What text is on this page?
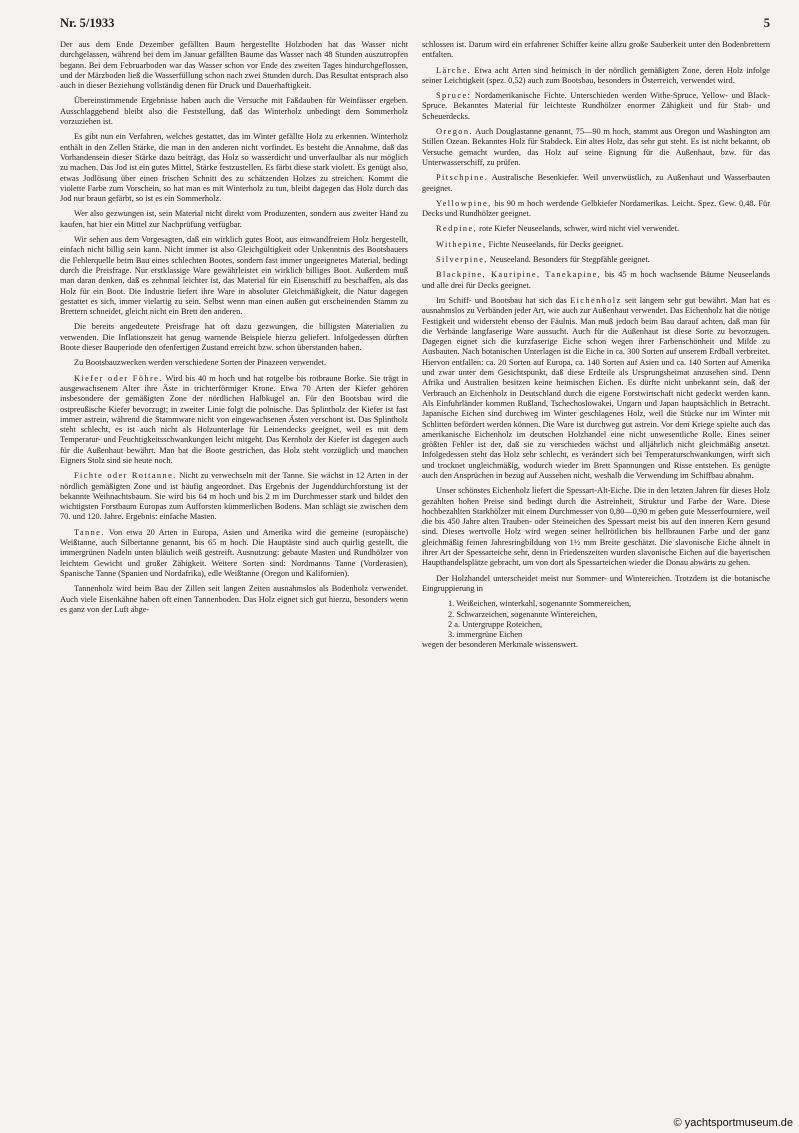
Nr. 5/1933	5

Der aus dem Ende Dezember gefällten Baum hergestellte Holzboden hat das Wasser nicht durchgelassen, während bei dem im Januar gefällten Baume das Wasser nach 48 Stunden auszutropfen begann. Bei dem Februarboden war das Wasser schon vor Ende des zweiten Tages hindurchgeflossen, und der Märzboden ließ die Wasserfüllung schon nach zwei Stunden durch. Das Resultat entsprach also auch in dieser Beziehung vollständig denen für Druck und Dauerhaftigkeit.

Übereinstimmende Ergebnisse haben auch die Versuche mit Faßdauben für Weinfässer ergeben. Ausschlaggebend bleibt also die Feststellung, daß das Winterholz unbedingt dem Sommerholz vorzuziehen ist.

Es gibt nun ein Verfahren, welches gestattet, das im Winter gefällte Holz zu erkennen. Winterholz enthält in den Zellen Stärke, die man in den anderen nicht vorfindet. Es besteht die Annahme, daß das Vorhandensein dieser Stärke dazu beiträgt, das Holz so wasserdicht und unverfaulbar als nur möglich zu machen. Das Jod ist ein gutes Mittel, Stärke festzustellen. Es färbt diese stark violett. Es genügt also, etwas Jodlösung über einen frischen Schnitt des zu schätzenden Holzes zu streichen. Kommt die violette Farbe zum Vorschein, so hat man es mit Winterholz zu tun, bleibt dagegen das Holz durch das Jod nur braun gefärbt, so ist es ein Sommerholz.

Wer also gezwungen ist, sein Material nicht direkt vom Produzenten, sondern aus zweiter Hand zu kaufen, hat hier ein Mittel zur Nachprüfung verfügbar.

Wir sehen aus dem Vorgesagten, daß ein wirklich gutes Boot, aus einwandfreiem Holz hergestellt, einfach nicht billig sein kann. Nicht immer ist also Gleichgültigkeit oder Unkenntnis des Bootsbauers die Fehlerquelle beim Bau eines schlechten Bootes, sondern fast immer ungeeignetes Material, bedingt durch die Preisfrage. Nur erstklassige Ware gewährleistet ein wirklich billiges Boot. Außerdem muß man daran denken, daß es zehnmal leichter ist, das Material für ein Eisenschiff zu beschaffen, als das Holz für ein Boot. Die Industrie liefert ihre Ware in absoluter Gleichmäßigkeit, die Natur dagegen gestattet es sich, immer vielartig zu sein. Selbst wenn man einen außen gut erscheinenden Stamm zu Brettern schneidet, gleicht nicht ein Brett den anderen.

Die bereits angedeutete Preisfrage hat oft dazu gezwungen, die billigsten Materialien zu verwenden. Die Inflationszeit hat genug warnende Beispiele hierzu geliefert. Infolgedessen dürften Boote dieser Bauperiode den ofenfertigen Zustand erreicht bzw. schon überstanden haben.

Zu Bootsbauzwecken werden verschiedene Sorten der Pinazeen verwendet.

Kiefer oder Föhre. Wird bis 40 m hoch und hat rotgelbe bis rotbraune Borke. Sie trägt in ausgewachsenem Alter ihre Äste in trichterförmiger Krone. Etwa 70 Arten der Kiefer gehören insbesondere der gemäßigten Zone der nördlichen Halbkugel an. Für den Bootsbau wird die ostpreußische Kiefer bevorzugt; in zweiter Linie folgt die polnische. Das Splintholz der Kiefer ist fast immer astrein, während die Stammware nicht von eingewachsenen Ästen verschont ist. Das Splintholz steht schlecht, es ist auch nicht als Holzunterlage für Leinendecks geeignet, weil es mit dem Temperatur- und Feuchtigkeitsschwankungen leicht mitgeht. Das Kernholz der Kiefer ist dagegen auch für die Außenhaut bewährt. Man hat die Boote gestrichen, das Holz steht vorzüglich und manchen Eigners Stolz sind sie heute noch.

Fichte oder Rottanne. Nicht zu verwechseln mit der Tanne. Sie wächst in 12 Arten in der nördlich gemäßigten Zone und ist häufig angeordnet. Das Ergebnis der Jugenddurchforstung ist der bekannte Weihnachtsbaum. Sie wird bis 64 m hoch und bis 2 m im Durchmesser stark und bildet den wichtigsten Forstbaum Europas zum Aufforsten kümmerlichen Bodens. Man schlägt sie zwischen dem 70. und 120. Jahre. Ergebnis: einfache Masten.

Tanne. Von etwa 20 Arten in Europa, Asien und Amerika wird die gemeine (europäische) Weißtanne, auch Silbertanne genannt, bis 65 m hoch. Die Hauptäste sind auch quirlig gestellt, die immergrünen Nadeln unten bläulich weiß gestreift. Ausnutzung: gebaute Masten und Rundhölzer von leichtem Gewicht und großer Zähigkeit. Weitere Sorten sind: Nordmanns Tanne (Vorderasien), Spanische Tanne (Spanien und Nordafrika), edle Weißtanne (Oregon und Kalifornien).

Tannenholz wird beim Bau der Zillen seit langen Zeiten ausnahmslos als Bodenholz verwendet. Auch viele Eisenkähne haben oft einen Tannenboden. Das Holz eignet sich gut hierzu, besonders wenn es ganz von der Luft abge-

schlossen ist. Darum wird ein erfahrener Schiffer keine allzu große Sauberkeit unter den Bodenbrettern entfalten.

Lärche. Etwa acht Arten sind heimisch in der nördlich gemäßigten Zone, deren Holz infolge seiner Leichtigkeit (spez. 0,52) auch zum Bootsbau, besonders in Österreich, verwendet wird.

Spruce: Nordamerikanische Fichte. Unterschieden werden Withe-Spruce, Yellow- und Black-Spruce. Bekanntes Material für leichteste Rundhölzer enormer Zähigkeit und für Stab- und Scheuerdecks.

Oregon. Auch Douglastanne genannt, 75—90 m hoch, stammt aus Oregon und Washington am Stillen Ozean. Bekanntes Holz für Stabdeck. Ein altes Holz, das sehr gut steht. Es ist nicht bekannt, ob Versuche gemacht wurden, das Holz auf seine Eignung für die Außenhaut, bzw. für das Unterwasserschiff, zu prüfen.

Pitschpine. Australische Besenkiefer. Weil unverwüstlich, zu Außenhaut und Wasserbauten geeignet.

Yellowpine, bis 90 m hoch werdende Gelbkiefer Nordamerikas. Leicht. Spez. Gew. 0,48. Für Decks und Rundhölzer geeignet.

Redpine, rote Kiefer Neuseelands, schwer, wird nicht viel verwendet.

Withepine, Fichte Neuseelands, für Decks geeignet.

Silverpine, Neuseeland. Besonders für Stegpfähle geeignet.

Blackpine, Kauripine, Tanekapine, bis 45 m hoch wachsende Bäume Neuseelands und alle drei für Decks geeignet.

Im Schiff- und Bootsbau hat sich das Eichenholz seit langem sehr gut bewährt. Man hat es ausnahmslos zu Verbänden jeder Art, wie auch zur Außenhaut verwendet. Das Eichenholz hat die nötige Festigkeit und widersteht ebenso der Fäulnis. Man muß jedoch beim Bau darauf achten, daß man für die Verbände langfaserige Ware aussucht. Auch für die Außenhaut ist diese Sorte zu bevorzugen. Dagegen eignet sich die kurzfaserige Eiche schon wegen ihrer Farbenschönheit und Milde zu Ausbauten. Nach botanischen Unterlagen ist die Eiche in ca. 300 Sorten auf unserem Erdball verbreitet. Hiervon entfallen: ca. 20 Sorten auf Europa, ca. 140 Sorten auf Asien und ca. 140 Sorten auf Amerika und zwar unter dem Gesichtspunkt, daß diese Erdteile als Ursprungsheimat anzusehen sind. Denn Afrika und Australien besitzen keine heimischen Eichen. Es dürfte nicht unbekannt sein, daß der Verbrauch an Eichenholz in Deutschland durch die eigene Forstwirtschaft nicht gedeckt werden kann. Als Einfuhrländer kommen Rußland, Tschechoslowakei, Ungarn und Japan hauptsächlich in Betracht. Japanische Eichen sind durchweg im Winter geschlagenes Holz, weil die Stücke nur im Winter mit Schlitten befördert werden können. Die Ware ist durchweg gut astrein. Vor dem Kriege spielte auch das amerikanische Eichenholz im deutschen Holzhandel eine nicht unwesentliche Rolle. Eines seiner größten Fehler ist der, daß sie zu verschieden wächst und alljährlich nicht gleichmäßig ansetzt. Infolgedessen steht das Holz sehr schlecht, es verändert sich bei Temperaturschwankungen, wirft sich und trocknet ungleichmäßig, wodurch wieder im Brett Spannungen und Risse entstehen. Es genügte auch den Ansprüchen in bezug auf Aussehen nicht, weshalb die Verwendung im Schiffbau abnahm.

Unser schönstes Eichenholz liefert die Spessart-Alt-Eiche. Die in den letzten Jahren für dieses Holz gezahlten hohen Preise sind bedingt durch die Astreinheit, Struktur und Farbe der Ware. Diese hochbezahlten Starkhölzer mit einem Durchmesser von 0,80—0,90 m geben gute Messerfourniere, weil die bis 450 Jahre alten Trauben- oder Steineichen des Spessart meist bis auf den inneren Kern gesund sind. Dieses wertvolle Holz wird wegen seiner hellrötlichen bis hellbraunen Farbe und der ganz gleichmäßig feinen Jahresringbildung von 1½ mm Breite geschätzt. Die slavonische Eiche ähnelt in ihrer Art der Spessarteiche sehr, denn in Friedenszeiten wurden slavonische Eichen auf die bayerischen Haupthandelsplätze gebracht, um von dort als Spessarteichen wieder die Donau abwärts zu gehen.

Der Holzhandel unterscheidet meist nur Sommer- und Wintereichen. Trotzdem ist die botanische Eingruppierung in

1. Weißeichen, winterkahl, sogenannte Sommereichen,
2. Schwarzeichen, sogenannte Wintereichen,
2 a. Untergruppe Roteichen,
3. immergrüne Eichen

wegen der besonderen Merkmale wissenswert.

© yachtsportmuseum.de
